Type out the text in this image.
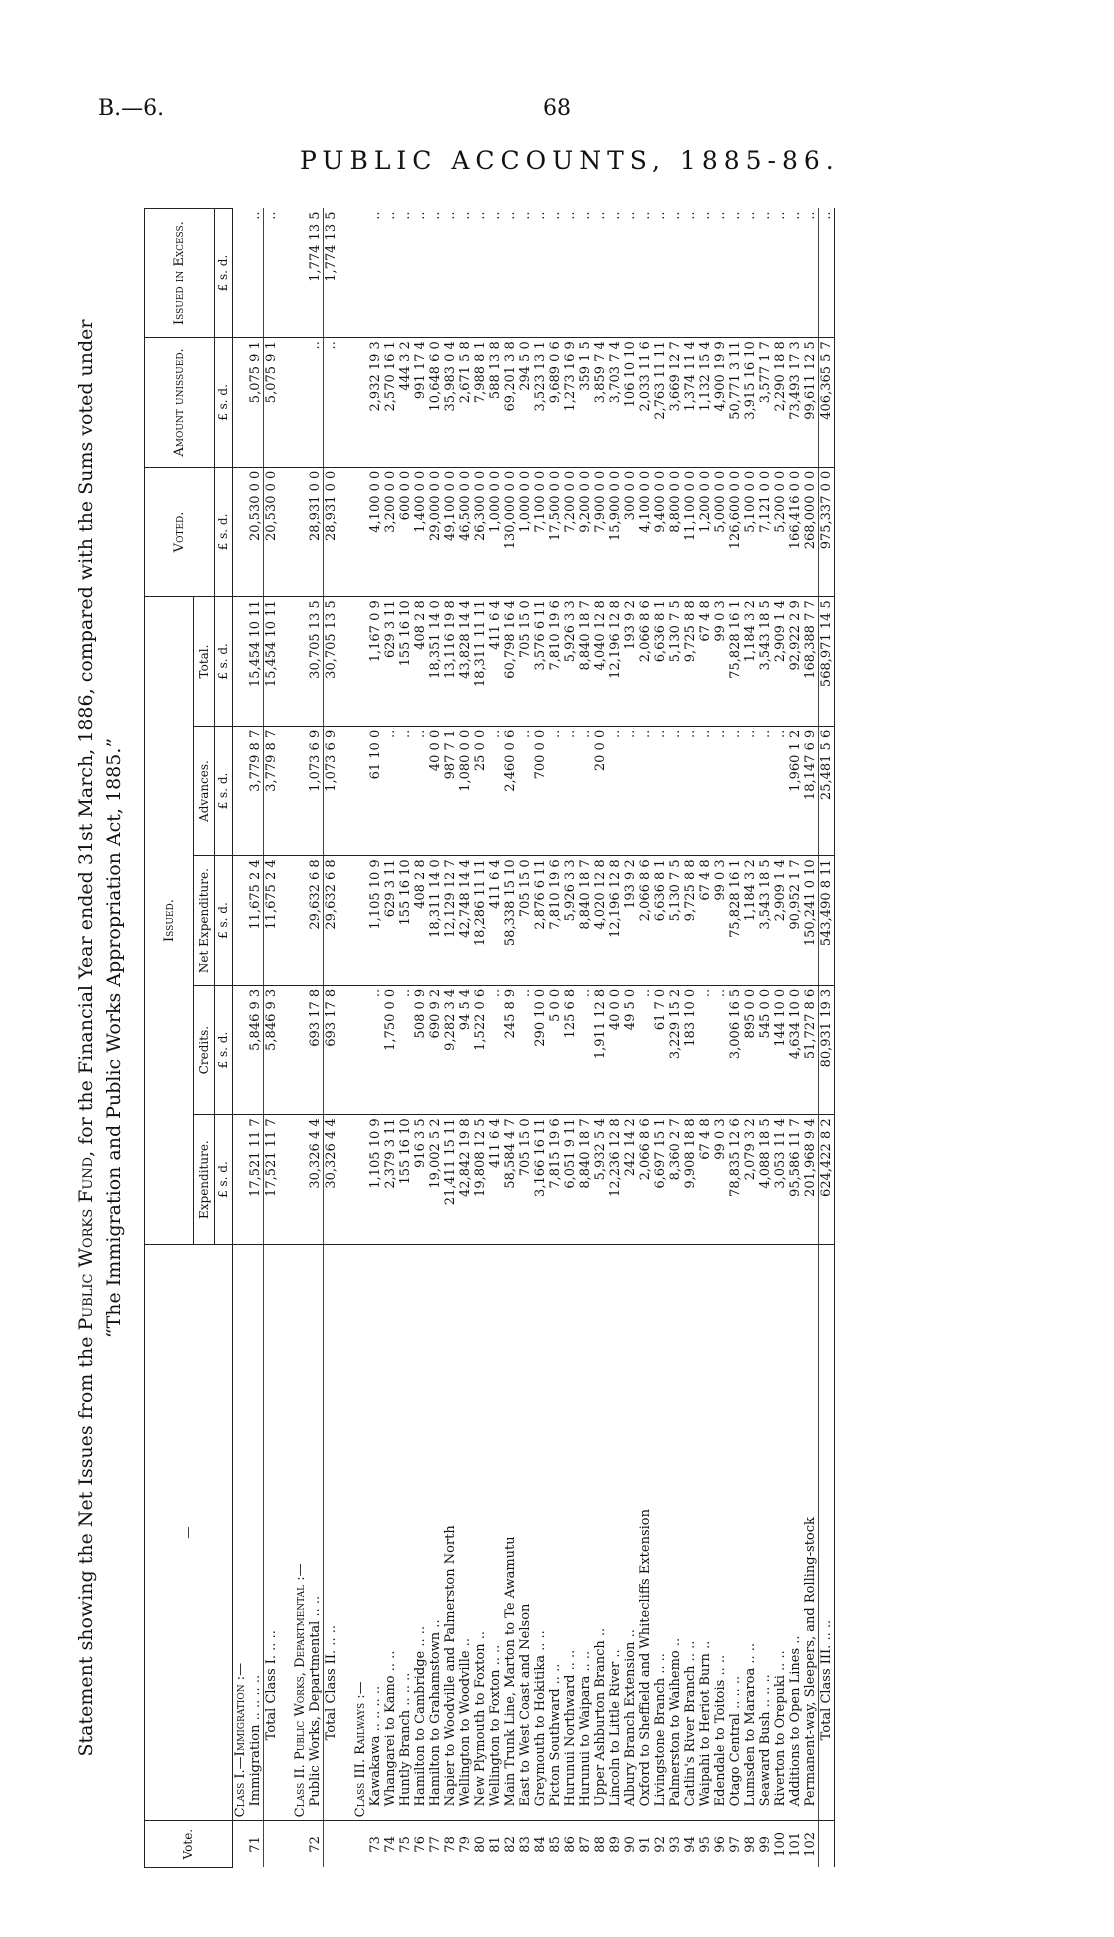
B.—6.	68
PUBLIC ACCOUNTS, 1885-86.
Statement showing the Net Issues from the Public Works Fund, for the Financial Year ended 31st March, 1886, compared with the Sums voted under “The Immigration and Public Works Appropriation Act, 1885.”
Vote.	—	Issued.					Voted.	Amount unissued.	Issued in Excess.
		Expenditure.	Credits.	Net Expenditure.	Advances.	Total.			
		£ s. d.	£ s. d.	£ s. d.	£ s. d.	£ s. d.	£ s. d.	£ s. d.	£ s. d.
	Class I.—Immigration :—								
71	Immigration .. .. .. ..	17,521 11 7	5,846 9 3	11,675 2 4	3,779 8 7	15,454 10 11	20,530 0 0	5,075 9 1	..
	Total Class I. .. ..	17,521 11 7	5,846 9 3	11,675 2 4	3,779 8 7	15,454 10 11	20,530 0 0	5,075 9 1	..

	Class II. Public Works, Departmental :—								
72	Public Works, Departmental .. ..	30,326 4 4	693 17 8	29,632 6 8	1,073 6 9	30,705 13 5	28,931 0 0	..	1,774 13 5
	Total Class II. .. ..	30,326 4 4	693 17 8	29,632 6 8	1,073 6 9	30,705 13 5	28,931 0 0	..	1,774 13 5

	Class III. Railways :—								
73	Kawakawa .. .. .. ..	1,105 10 9	..	1,105 10 9	61 10 0	1,167 0 9	4,100 0 0	2,932 19 3	..
74	Whangarei to Kamo .. ..	2,379 3 11	1,750 0 0	629 3 11	..	629 3 11	3,200 0 0	2,570 16 1	..
75	Huntly Branch .. .. ..	155 16 10	..	155 16 10	..	155 16 10	600 0 0	444 3 2	..
76	Hamilton to Cambridge .. ..	916 3 5	508 0 9	408 2 8	..	408 2 8	1,400 0 0	991 17 4	..
77	Hamilton to Grahamstown ..	19,002 5 2	690 9 2	18,311 14 0	40 0 0	18,351 14 0	29,000 0 0	10,648 6 0	..
78	Napier to Woodville and Palmerston North	21,411 15 11	9,282 3 4	12,129 12 7	987 7 1	13,116 19 8	49,100 0 0	35,983 0 4	..
79	Wellington to Woodville ..	42,842 19 8	94 5 4	42,748 14 4	1,080 0 0	43,828 14 4	46,500 0 0	2,671 5 8	..
80	New Plymouth to Foxton ..	19,808 12 5	1,522 0 6	18,286 11 11	25 0 0	18,311 11 11	26,300 0 0	7,988 8 1	..
81	Wellington to Foxton .. ..	411 6 4	..	411 6 4	..	411 6 4	1,000 0 0	588 13 8	..
82	Main Trunk Line, Marton to Te Awamutu	58,584 4 7	245 8 9	58,338 15 10	2,460 0 6	60,798 16 4	130,000 0 0	69,201 3 8	..
83	East to West Coast and Nelson	705 15 0	..	705 15 0	..	705 15 0	1,000 0 0	294 5 0	..
84	Greymouth to Hokitika .. ..	3,166 16 11	290 10 0	2,876 6 11	700 0 0	3,576 6 11	7,100 0 0	3,523 13 1	..
85	Picton Southward .. ..	7,815 19 6	5 0 0	7,810 19 6	..	7,810 19 6	17,500 0 0	9,689 0 6	..
86	Hurunui Northward .. ..	6,051 9 11	125 6 8	5,926 3 3	..	5,926 3 3	7,200 0 0	1,273 16 9	..
87	Hurunui to Waipara .. ..	8,840 18 7	..	8,840 18 7	..	8,840 18 7	9,200 0 0	359 1 5	..
88	Upper Ashburton Branch ..	5,932 5 4	1,911 12 8	4,020 12 8	20 0 0	4,040 12 8	7,900 0 0	3,859 7 4	..
89	Lincoln to Little River ..	12,236 12 8	40 0 0	12,196 12 8	..	12,196 12 8	15,900 0 0	3,703 7 4	..
90	Albury Branch Extension ..	242 14 2	49 5 0	193 9 2	..	193 9 2	300 0 0	106 10 10	..
91	Oxford to Sheffield and Whitecliffs Extension	2,066 8 6	..	2,066 8 6	..	2,066 8 6	4,100 0 0	2,033 11 6	..
92	Livingstone Branch .. ..	6,697 15 1	61 7 0	6,636 8 1	..	6,636 8 1	9,400 0 0	2,763 11 11	..
93	Palmerston to Waihemo ..	8,360 2 7	3,229 15 2	5,130 7 5	..	5,130 7 5	8,800 0 0	3,669 12 7	..
94	Catlin's River Branch .. ..	9,908 18 8	183 10 0	9,725 8 8	..	9,725 8 8	11,100 0 0	1,374 11 4	..
95	Waipahi to Heriot Burn ..	67 4 8	..	67 4 8	..	67 4 8	1,200 0 0	1,132 15 4	..
96	Edendale to Toitois .. ..	99 0 3	..	99 0 3	..	99 0 3	5,000 0 0	4,900 19 9	..
97	Otago Central .. .. ..	78,835 12 6	3,006 16 5	75,828 16 1	..	75,828 16 1	126,600 0 0	50,771 3 11	..
98	Lumsden to Mararoa .. ..	2,079 3 2	895 0 0	1,184 3 2	..	1,184 3 2	5,100 0 0	3,915 16 10	..
99	Seaward Bush .. .. ..	4,088 18 5	545 0 0	3,543 18 5	..	3,543 18 5	7,121 0 0	3,577 1 7	..
100	Riverton to Orepuki .. ..	3,053 11 4	144 10 0	2,909 1 4	..	2,909 1 4	5,200 0 0	2,290 18 8	..
101	Additions to Open Lines ..	95,586 11 7	4,634 10 0	90,952 1 7	1,960 1 2	92,922 2 9	166,416 0 0	73,493 17 3	..
102	Permanent-way, Sleepers, and Rolling-stock	201,968 9 4	51,727 8 6	150,241 0 10	18,147 6 9	168,388 7 7	268,000 0 0	99,611 12 5	..
	Total Class III. .. ..	624,422 8 2	80,931 19 3	543,490 8 11	25,481 5 6	568,971 14 5	975,337 0 0	406,365 5 7	..
